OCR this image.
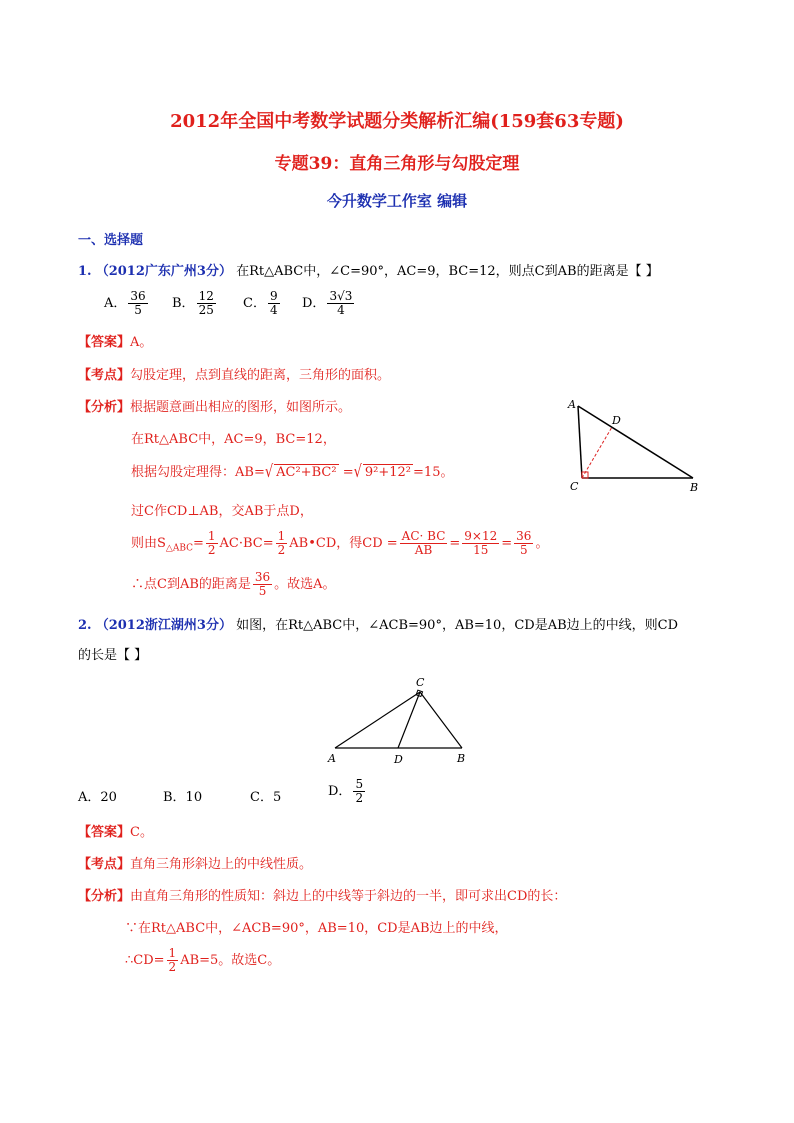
2012年全国中考数学试题分类解析汇编(159套63专题)
专题39：直角三角形与勾股定理
今升数学工作室 编辑
一、选择题
1. （2012广东广州3分） 在Rt△ABC中，∠C=90°，AC=9，BC=12，则点C到AB的距离是【 】
A． $\frac{36}{5}$ B． $\frac{12}{25}$ C． $\frac{9}{4}$ D． $\frac{3√3}{4}$
【答案】A。
【考点】勾股定理，点到直线的距离，三角形的面积。
【分析】根据题意画出相应的图形，如图所示。
在Rt△ABC中，AC=9，BC=12，
根据勾股定理得：AB=√ AC²+BC² =√ 9²+12² =15。
过C作CD⊥AB，交AB于点D，
则由$S_{\triangle ABC}= \frac{1}{2} AC\cdot BC= \frac{1}{2}$ AB•CD，得CD = $\frac{AC\cdot BC}{AB} = \frac{9\times 12}{15} = \frac{36}{5}$ 。
∴点C到AB的距离是 $\frac{36}{5}$ 。故选A。
A
D
C	B
2. （2012浙江湖州3分） 如图，在Rt△ABC中，∠ACB=90°，AB=10，CD是AB边上的中线，则CD
的长是【 】
C
A	D	B
A．20	B．10	C．5	D． $\frac{5}{2}$
【答案】C。
【考点】直角三角形斜边上的中线性质。
【分析】由直角三角形的性质知：斜边上的中线等于斜边的一半，即可求出CD的长：
∵在Rt△ABC中，∠ACB=90°，AB=10，CD是AB边上的中线，
∴CD= $\frac{1}{2} AB=5$。故选C。
